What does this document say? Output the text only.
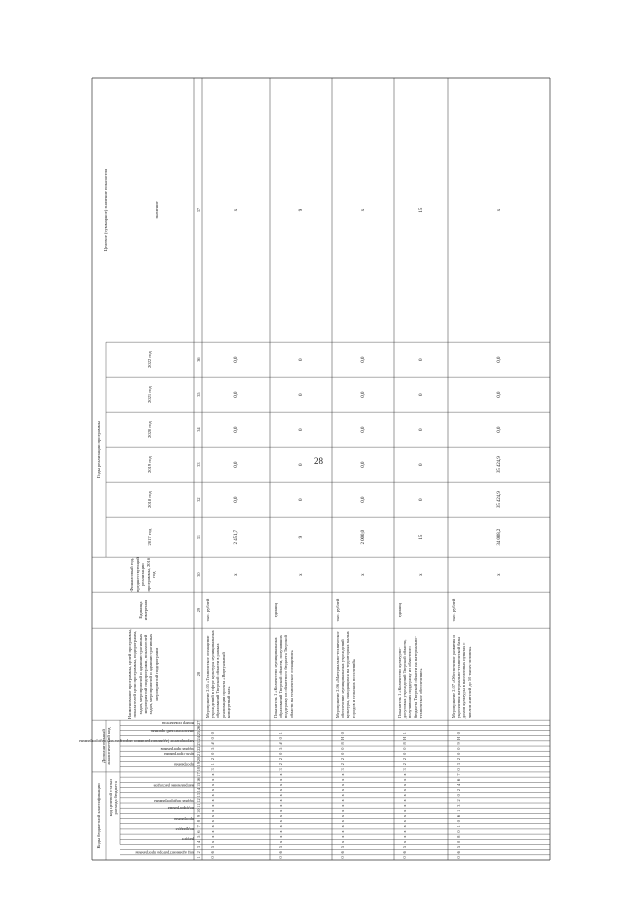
28
Коды бюджетной классификации	код целевой статьи расхода бюджета
Дополнительный аналитический код
Годы реализации программы
Целевое (суммарное) значение показателя
код администратора программы
раздел
подраздел
программа
подпрограмма
задача подпрограммы
направление расходов
программа
цель программы
задача программы
мероприятие (административное мероприятие) подпрограммы
аналитический признак
номер показателя
Наименование программы, целей программы, показателей цели программы, подпрограмм, задач, мероприятий и административных мероприятий подпрограмм, показателей задач, мероприятий и административных мероприятий подпрограмм
Единица измерения
Финансовый год, предшествующий реализации программы, 2016 год
2017 год
2018 год
2019 год
2020 год
2021 год
2022 год
значение
1
2
3
4
5
6
7
8
9
10
11
12
13
14
15
16
17
18
19
20
21
22
23
24
25
26
27
28
29
30
31
32
33
34
35
36
37
0
6
5
х
х
х
х
х
х
х
х
х
х
х
х
х
х
3
1
2
0
5
#
0
0
Мероприятие 2.05 «Техническое оснащение учреждений в сфере культуры муниципальных образований Тверской области в рамках реализации проекта «Виртуальный концертный зал»
тыс. рублей
х
2 451,7
0,0
0,0
0,0
0,0
0,0
х
0
6
5
х
х
х
х
х
х
х
х
х
х
х
х
х
х
3
2
2
0
5
#
0
1
Показатель 1 «Количество муниципальных образований Тверской области, получивших поддержку из областного бюджета Тверской области на техническое оснащение»
единиц
х
9
0
0
0
0
0
9
0
6
5
х
х
х
х
х
х
х
х
х
х
х
х
х
х
3
2
2
0
0
8
Н
0
Мероприятие 2.06 «Материально-техническое обеспечение муниципальных учреждений культуры, находящихся на территориях малых городов и сельских поселений»
тыс. рублей
х
2 000,0
0,0
0,0
0,0
0,0
0,0
х
0
6
5
х
х
х
х
х
х
х
х
х
х
х
х
х
х
3
2
2
0
0
8
Н
1
Показатель 1 «Количество культурно-досуговых учреждений Тверской области, получивших поддержку из областного бюджета Тверской области на материально-техническое обеспечение»
единиц
х
15
0
0
0
0
0
15
0
6
5
0
8
0
1
0
6
1
3
2
0
2
4
6
7
0
3
2
0
0
9
Н
0
Мероприятие 2.07 «Обеспечение развития и укрепления материально-технической базы домов культуры в населенных пунктах с числом жителей до 50 тысяч человек»
тыс. рублей
х
34 008,2
35 424,9
35 424,9
0,0
0,0
0,0
х
